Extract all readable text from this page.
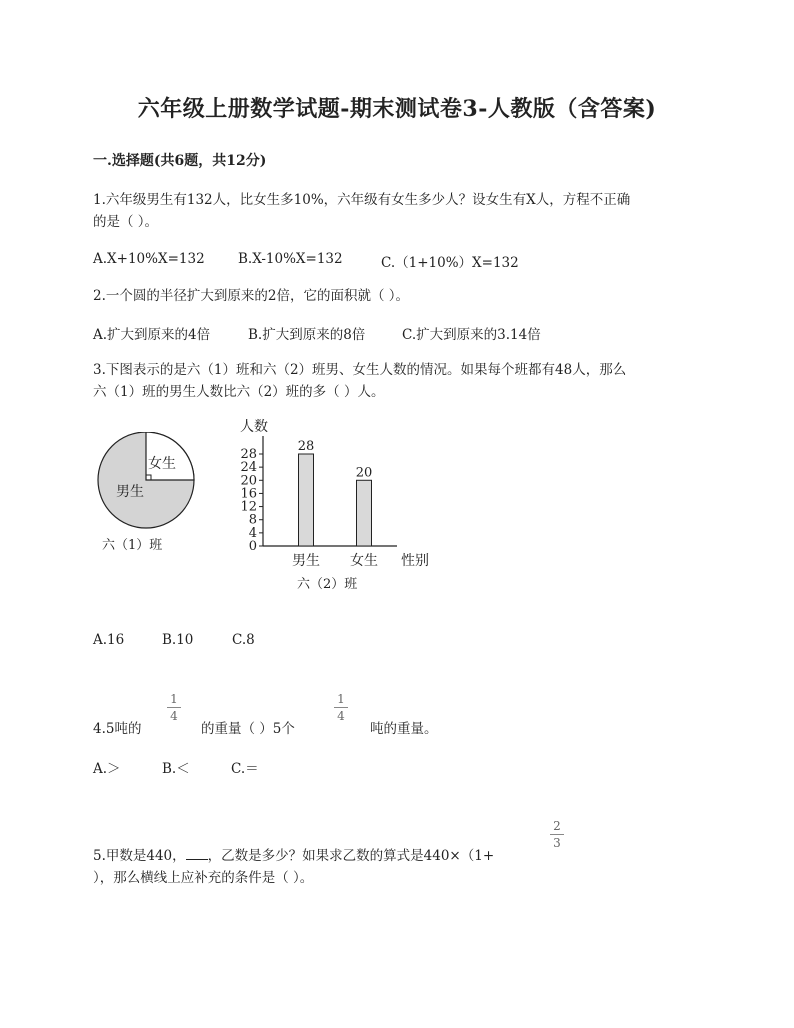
六年级上册数学试题-期末测试卷3-人教版（含答案)
一.选择题(共6题，共12分)
1.六年级男生有132人，比女生多10%，六年级有女生多少人？设女生有X人，方程不正确
的是（ ）。
A.X+10%X=132 B.X-10%X=132	C.（1+10%）X=132
2.一个圆的半径扩大到原来的2倍，它的面积就（ ）。
A.扩大到原来的4倍	B.扩大到原来的8倍	C.扩大到原来的3.14倍
3.下图表示的是六（1）班和六（2）班男、女生人数的情况。如果每个班都有48人，那么
六（1）班的男生人数比六（2）班的多（ ）人。
女生
男生
六（1）班
人数
0
4
8
12
16
20
24
28
28
20
男生 女生 性别
六（2）班
A.16	B.10	C.8
1
4
1
4
4.5吨的	的重量（ ）5个	吨的重量。
A.＞	B.＜	C.＝
2
3
5.甲数是440， ，乙数是多少？如果求乙数的算式是440×（1+
），那么横线上应补充的条件是（ ）。
